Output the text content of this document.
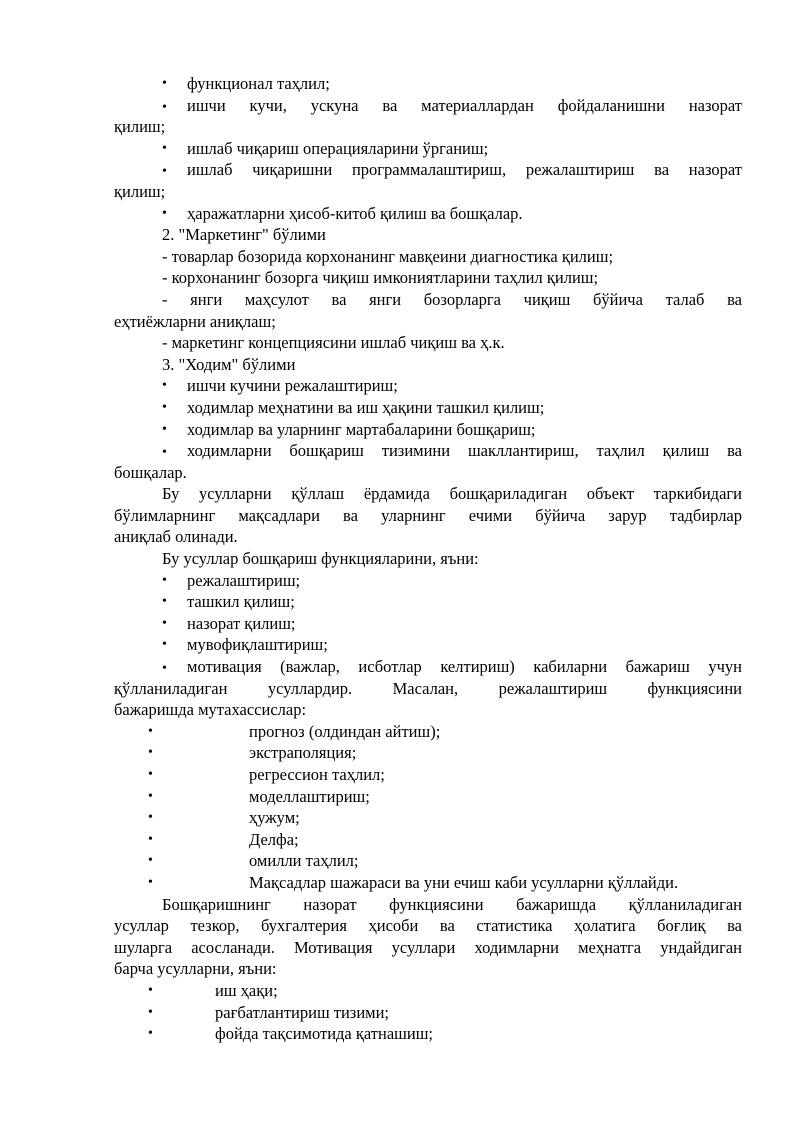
• функционал таҳлил;
• ишчи кучи, ускуна ва материаллардан фойдаланишни назорат
қилиш;
• ишлаб чиқариш операцияларини ўрганиш;
• ишлаб чиқаришни программалаштириш, режалаштириш ва назорат
қилиш;
• ҳаражатларни ҳисоб-китоб қилиш ва бошқалар.
2. "Маркетинг" бўлими
- товарлар бозорида корхонанинг мавқеини диагностика қилиш;
- корхонанинг бозорга чиқиш имкониятларини таҳлил қилиш;
- янги маҳсулот ва янги бозорларга чиқиш бўйича талаб ва
еҳтиёжларни аниқлаш;
- маркетинг концепциясини ишлаб чиқиш ва ҳ.к.
3. "Ходим" бўлими
• ишчи кучини режалаштириш;
• ходимлар меҳнатини ва иш ҳақини ташкил қилиш;
• ходимлар ва уларнинг мартабаларини бошқариш;
• ходимларни бошқариш тизимини шакллантириш, таҳлил қилиш ва
бошқалар.
Бу усулларни қўллаш ёрдамида бошқариладиган объект таркибидаги
бўлимларнинг мақсадлари ва уларнинг ечими бўйича зарур тадбирлар
аниқлаб олинади.
Бу усуллар бошқариш функцияларини, яъни:
• режалаштириш;
• ташкил қилиш;
• назорат қилиш;
• мувофиқлаштириш;
• мотивация (важлар, исботлар келтириш) кабиларни бажариш учун
қўлланиладиган усуллардир. Масалан, режалаштириш функциясини
бажаришда мутахассислар:
•	прогноз (олдиндан айтиш);
•	экстраполяция;
•	регрессион таҳлил;
•	моделлаштириш;
•	ҳужум;
•	Делфа;
•	омилли таҳлил;
•	Мақсадлар шажараси ва уни ечиш каби усулларни қўллайди.
Бошқаришнинг назорат функциясини бажаришда қўлланиладиган
усуллар тезкор, бухгалтерия ҳисоби ва статистика ҳолатига боғлиқ ва
шуларга асосланади. Мотивация усуллари ходимларни меҳнатга ундайдиган
барча усулларни, яъни:
•	иш ҳақи;
•	рағбатлантириш тизими;
•	фойда тақсимотида қатнашиш;
